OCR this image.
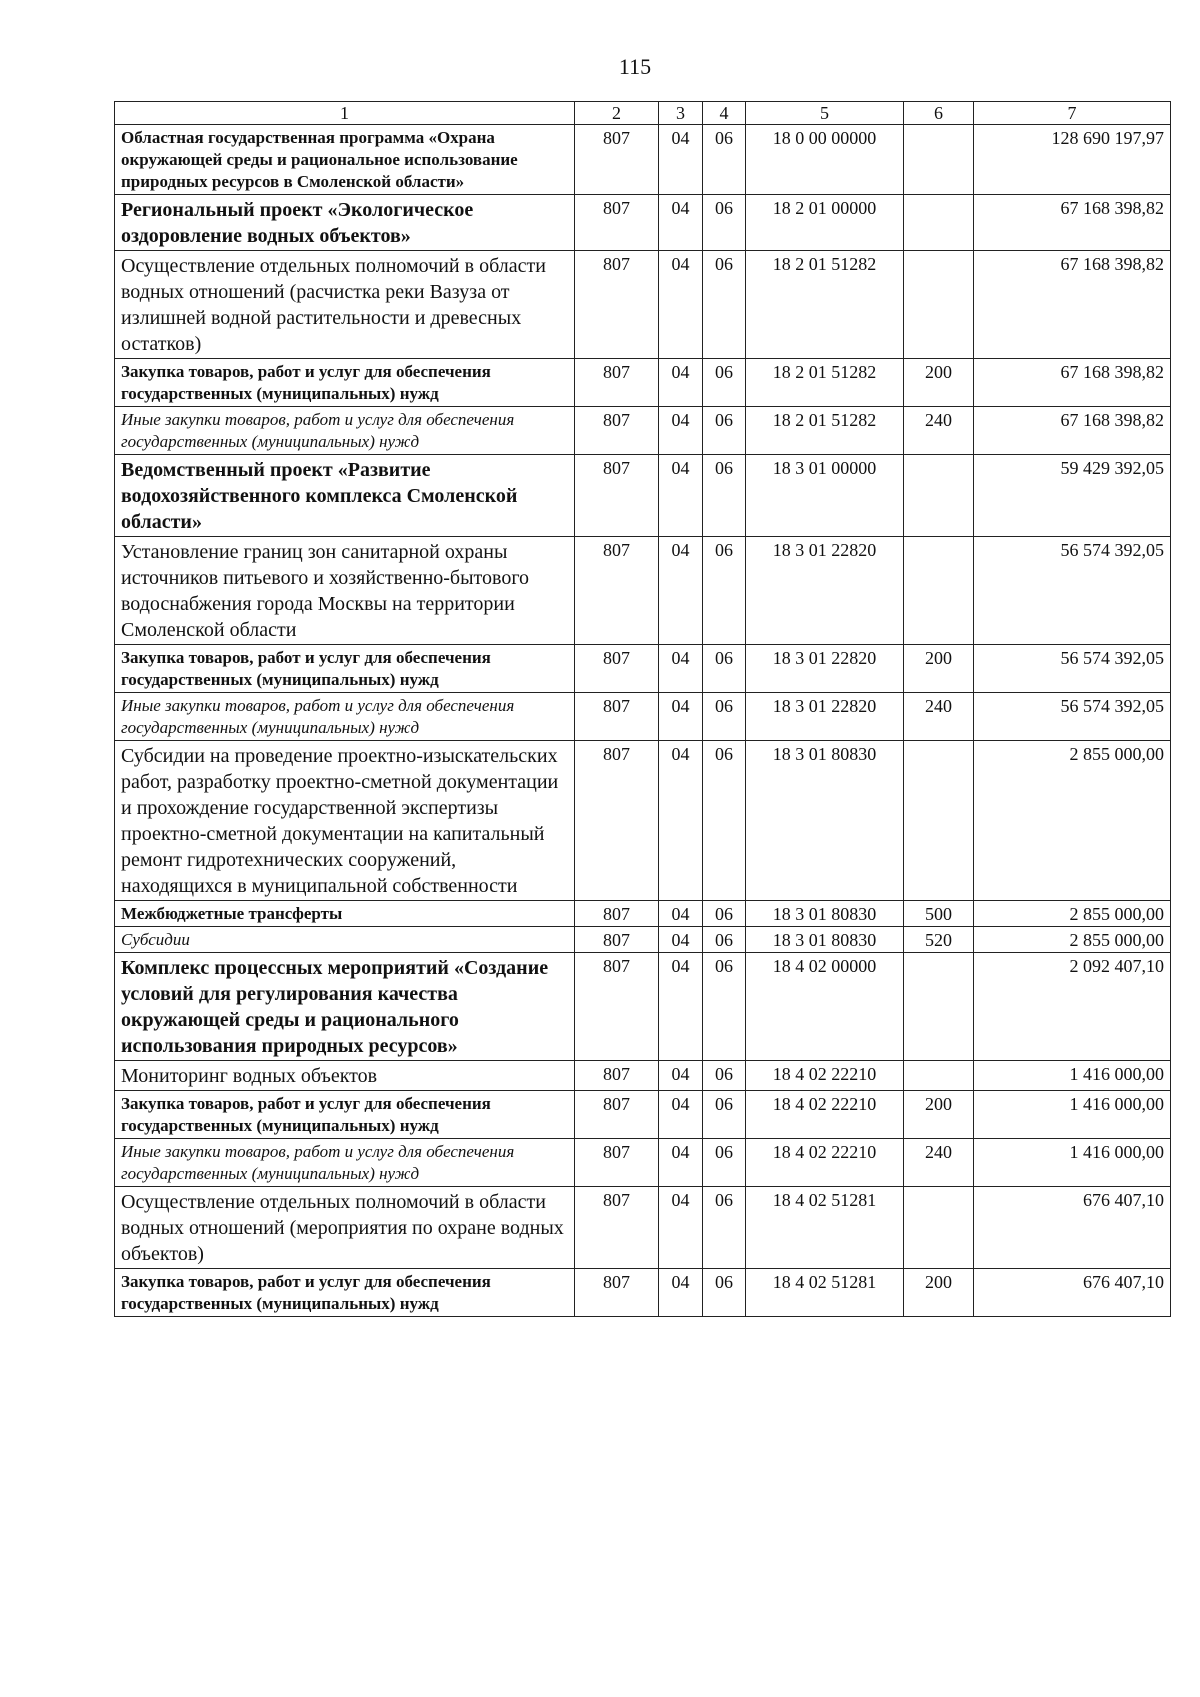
115
1	2	3	4	5	6	7
Областная государственная программа «Охрана окружающей среды и рациональное использование природных ресурсов в Смоленской области»	807	04	06	18 0 00 00000		128 690 197,97
Региональный проект «Экологическое оздоровление водных объектов»	807	04	06	18 2 01 00000		67 168 398,82
Осуществление отдельных полномочий в области водных отношений (расчистка реки Вазуза от излишней водной растительности и древесных остатков)	807	04	06	18 2 01 51282		67 168 398,82
Закупка товаров, работ и услуг для обеспечения государственных (муниципальных) нужд	807	04	06	18 2 01 51282	200	67 168 398,82
Иные закупки товаров, работ и услуг для обеспечения государственных (муниципальных) нужд	807	04	06	18 2 01 51282	240	67 168 398,82
Ведомственный проект «Развитие водохозяйственного комплекса Смоленской области»	807	04	06	18 3 01 00000		59 429 392,05
Установление границ зон санитарной охраны источников питьевого и хозяйственно-бытового водоснабжения города Москвы на территории Смоленской области	807	04	06	18 3 01 22820		56 574 392,05
Закупка товаров, работ и услуг для обеспечения государственных (муниципальных) нужд	807	04	06	18 3 01 22820	200	56 574 392,05
Иные закупки товаров, работ и услуг для обеспечения государственных (муниципальных) нужд	807	04	06	18 3 01 22820	240	56 574 392,05
Субсидии на проведение проектно-изыскательских работ, разработку проектно-сметной документации и прохождение государственной экспертизы проектно-сметной документации на капитальный ремонт гидротехнических сооружений, находящихся в муниципальной собственности	807	04	06	18 3 01 80830		2 855 000,00
Межбюджетные трансферты	807	04	06	18 3 01 80830	500	2 855 000,00
Субсидии	807	04	06	18 3 01 80830	520	2 855 000,00
Комплекс процессных мероприятий «Создание условий для регулирования качества окружающей среды и рационального использования природных ресурсов»	807	04	06	18 4 02 00000		2 092 407,10
Мониторинг водных объектов	807	04	06	18 4 02 22210		1 416 000,00
Закупка товаров, работ и услуг для обеспечения государственных (муниципальных) нужд	807	04	06	18 4 02 22210	200	1 416 000,00
Иные закупки товаров, работ и услуг для обеспечения государственных (муниципальных) нужд	807	04	06	18 4 02 22210	240	1 416 000,00
Осуществление отдельных полномочий в области водных отношений (мероприятия по охране водных объектов)	807	04	06	18 4 02 51281		676 407,10
Закупка товаров, работ и услуг для обеспечения государственных (муниципальных) нужд	807	04	06	18 4 02 51281	200	676 407,10
